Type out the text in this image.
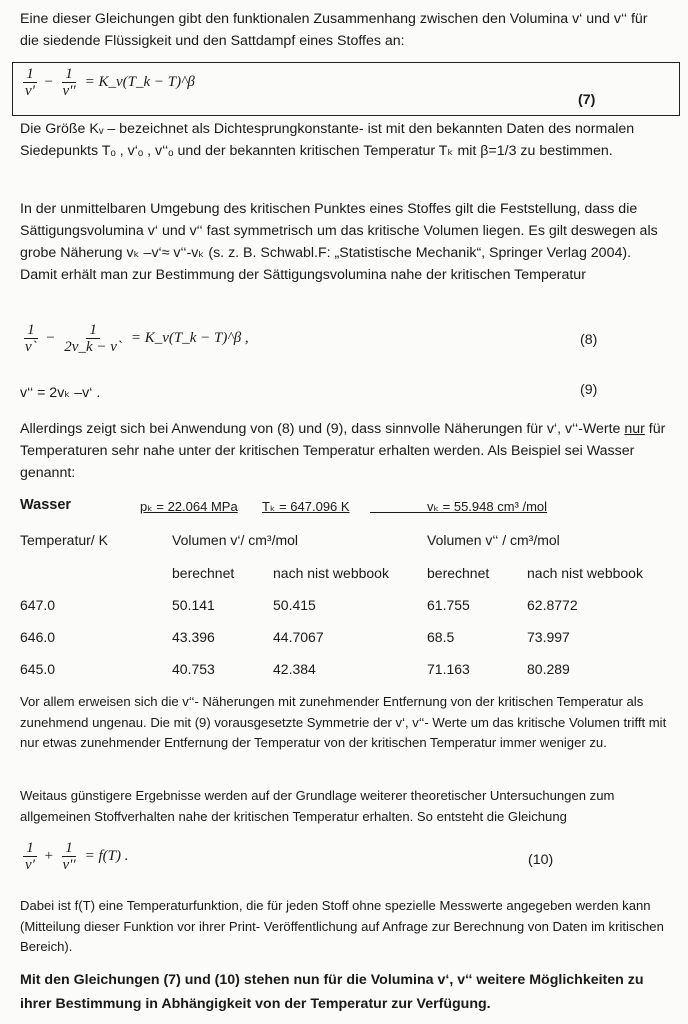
Eine dieser Gleichungen gibt den funktionalen Zusammenhang zwischen den Volumina v‘ und v‘‘ für die siedende Flüssigkeit und den Sattdampf eines Stoffes an:
$\frac{1}{v'} - \frac{1}{v''}$ = K_v(T_k − T)^β
(7)
Die Größe Kᵥ – bezeichnet als Dichtesprungkonstante- ist mit den bekannten Daten des normalen Siedepunkts Tₒ , v‘ₒ , v‘‘ₒ und der bekannten kritischen Temperatur Tₖ mit β=1/3 zu bestimmen.
In der unmittelbaren Umgebung des kritischen Punktes eines Stoffes gilt die Feststellung, dass die Sättigungsvolumina v‘ und v‘‘ fast symmetrisch um das kritische Volumen liegen. Es gilt deswegen als grobe Näherung vₖ –v‘≈ v‘‘-vₖ (s. z. B. Schwabl.F: „Statistische Mechanik“, Springer Verlag 2004). Damit erhält man zur Bestimmung der Sättigungsvolumina nahe der kritischen Temperatur
$\frac{1}{v`} - \frac{1}{2v\_k - v`}$ = K_v(T_k − T)^β ,	(8)
v‘‘ = 2vₖ –v‘ .	(9)
Allerdings zeigt sich bei Anwendung von (8) und (9), dass sinnvolle Näherungen für v‘, v‘‘-Werte nur für Temperaturen sehr nahe unter der kritischen Temperatur erhalten werden. Als Beispiel sei Wasser genannt:
Wasser	pₖ = 22.064 MPa Tₖ = 647.096 K	vₖ = 55.948 cm³ /mol
Temperatur/ K	Volumen v‘/ cm³/mol	Volumen v‘‘ / cm³/mol
berechnet	nach nist webbook	berechnet	nach nist webbook
647.0	50.141	50.415	61.755	62.8772
646.0	43.396	44.7067	68.5	73.997
645.0	40.753	42.384	71.163	80.289
Vor allem erweisen sich die v‘‘- Näherungen mit zunehmender Entfernung von der kritischen Temperatur als zunehmend ungenau. Die mit (9) vorausgesetzte Symmetrie der v‘, v‘‘- Werte um das kritische Volumen trifft mit nur etwas zunehmender Entfernung der Temperatur von der kritischen Temperatur immer weniger zu.
Weitaus günstigere Ergebnisse werden auf der Grundlage weiterer theoretischer Untersuchungen zum allgemeinen Stoffverhalten nahe der kritischen Temperatur erhalten. So entsteht die Gleichung
$\frac{1}{v'} + \frac{1}{v''} = f(T)$ .	(10)
Dabei ist f(T) eine Temperaturfunktion, die für jeden Stoff ohne spezielle Messwerte angegeben werden kann (Mitteilung dieser Funktion vor ihrer Print- Veröffentlichung auf Anfrage zur Berechnung von Daten im kritischen Bereich).
Mit den Gleichungen (7) und (10) stehen nun für die Volumina v‘, v‘‘ weitere Möglichkeiten zu ihrer Bestimmung in Abhängigkeit von der Temperatur zur Verfügung.
